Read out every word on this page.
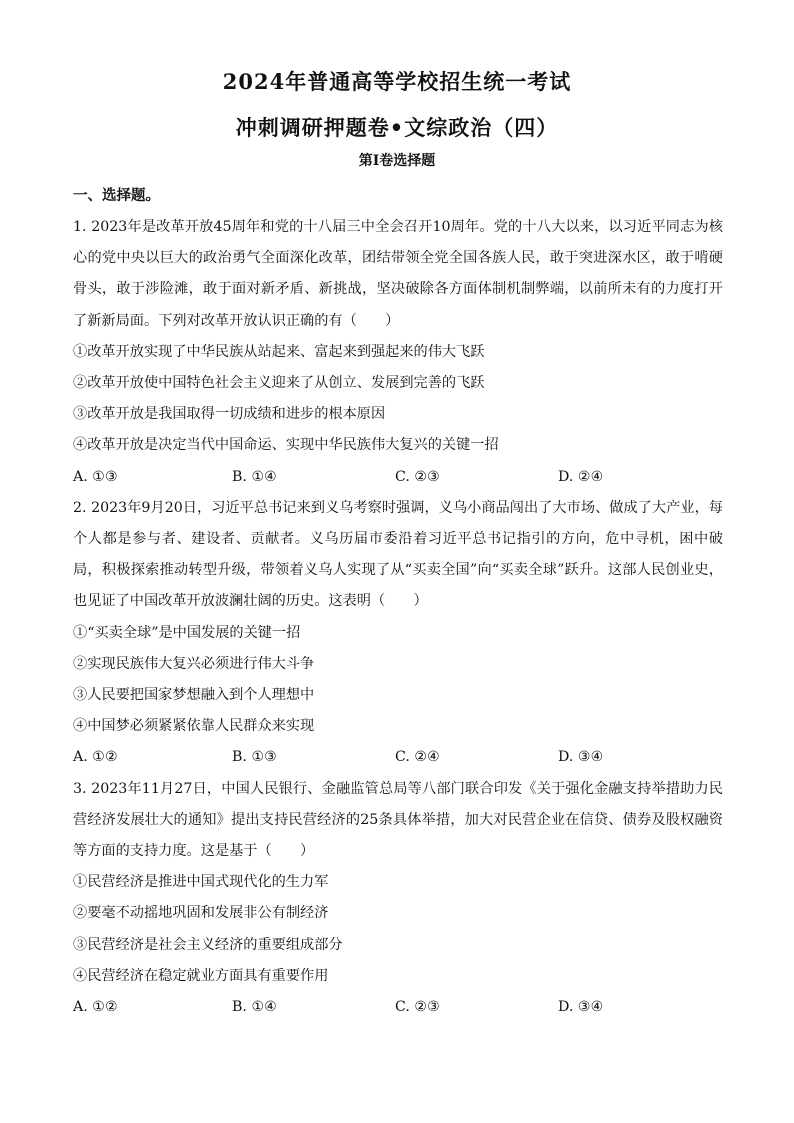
2024年普通高等学校招生统一考试
冲刺调研押题卷•文综政治（四）
第Ⅰ卷选择题
一、选择题。

1. 2023年是改革开放45周年和党的十八届三中全会召开10周年。党的十八大以来，以习近平同志为核心的党中央以巨大的政治勇气全面深化改革，团结带领全党全国各族人民，敢于突进深水区，敢于啃硬骨头，敢于涉险滩，敢于面对新矛盾、新挑战，坚决破除各方面体制机制弊端，以前所未有的力度打开了新新局面。下列对改革开放认识正确的有（　　）

①改革开放实现了中华民族从站起来、富起来到强起来的伟大飞跃

②改革开放使中国特色社会主义迎来了从创立、发展到完善的飞跃

③改革开放是我国取得一切成绩和进步的根本原因

④改革开放是决定当代中国命运、实现中华民族伟大复兴的关键一招

A. ①③	B. ①④	C. ②③	D. ②④

2. 2023年9月20日，习近平总书记来到义乌考察时强调，义乌小商品闯出了大市场、做成了大产业，每个人都是参与者、建设者、贡献者。义乌历届市委沿着习近平总书记指引的方向，危中寻机，困中破局，积极探索推动转型升级，带领着义乌人实现了从“买卖全国”向“买卖全球”跃升。这部人民创业史，也见证了中国改革开放波澜壮阔的历史。这表明（　　）

①“买卖全球”是中国发展的关键一招

②实现民族伟大复兴必须进行伟大斗争

③人民要把国家梦想融入到个人理想中

④中国梦必须紧紧依靠人民群众来实现

A. ①②	B. ①③	C. ②④	D. ③④

3. 2023年11月27日，中国人民银行、金融监管总局等八部门联合印发《关于强化金融支持举措助力民营经济发展壮大的通知》提出支持民营经济的25条具体举措，加大对民营企业在信贷、债券及股权融资等方面的支持力度。这是基于（　　）

①民营经济是推进中国式现代化的生力军

②要毫不动摇地巩固和发展非公有制经济

③民营经济是社会主义经济的重要组成部分

④民营经济在稳定就业方面具有重要作用

A. ①②	B. ①④	C. ②③	D. ③④
